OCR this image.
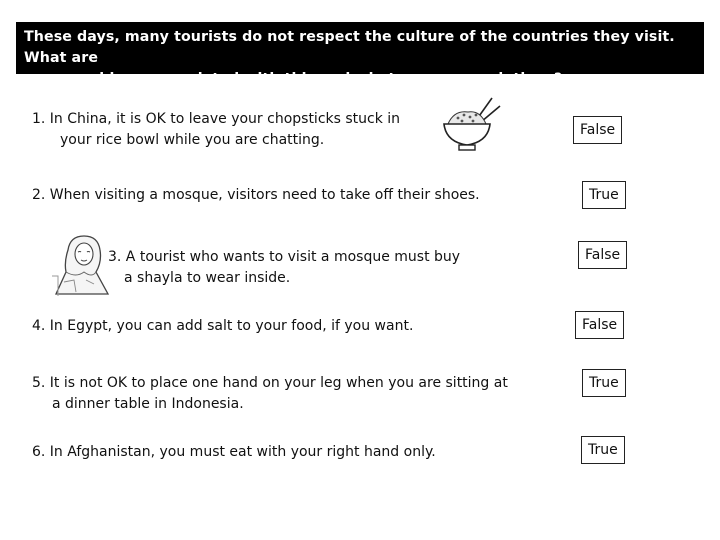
These days, many tourists do not respect the culture of the countries they visit. What are
some problems associated with this and what are some solutions?
1. In China, it is OK to leave your chopsticks stuck in
your rice bowl while you are chatting.
False
2. When visiting a mosque, visitors need to take off their shoes.	True
3. A tourist who wants to visit a mosque must buy
a shayla to wear inside.
False
4. In Egypt, you can add salt to your food, if you want.	False
5. It is not OK to place one hand on your leg when you are sitting at
a dinner table in Indonesia.
True
6. In Afghanistan, you must eat with your right hand only.	True
